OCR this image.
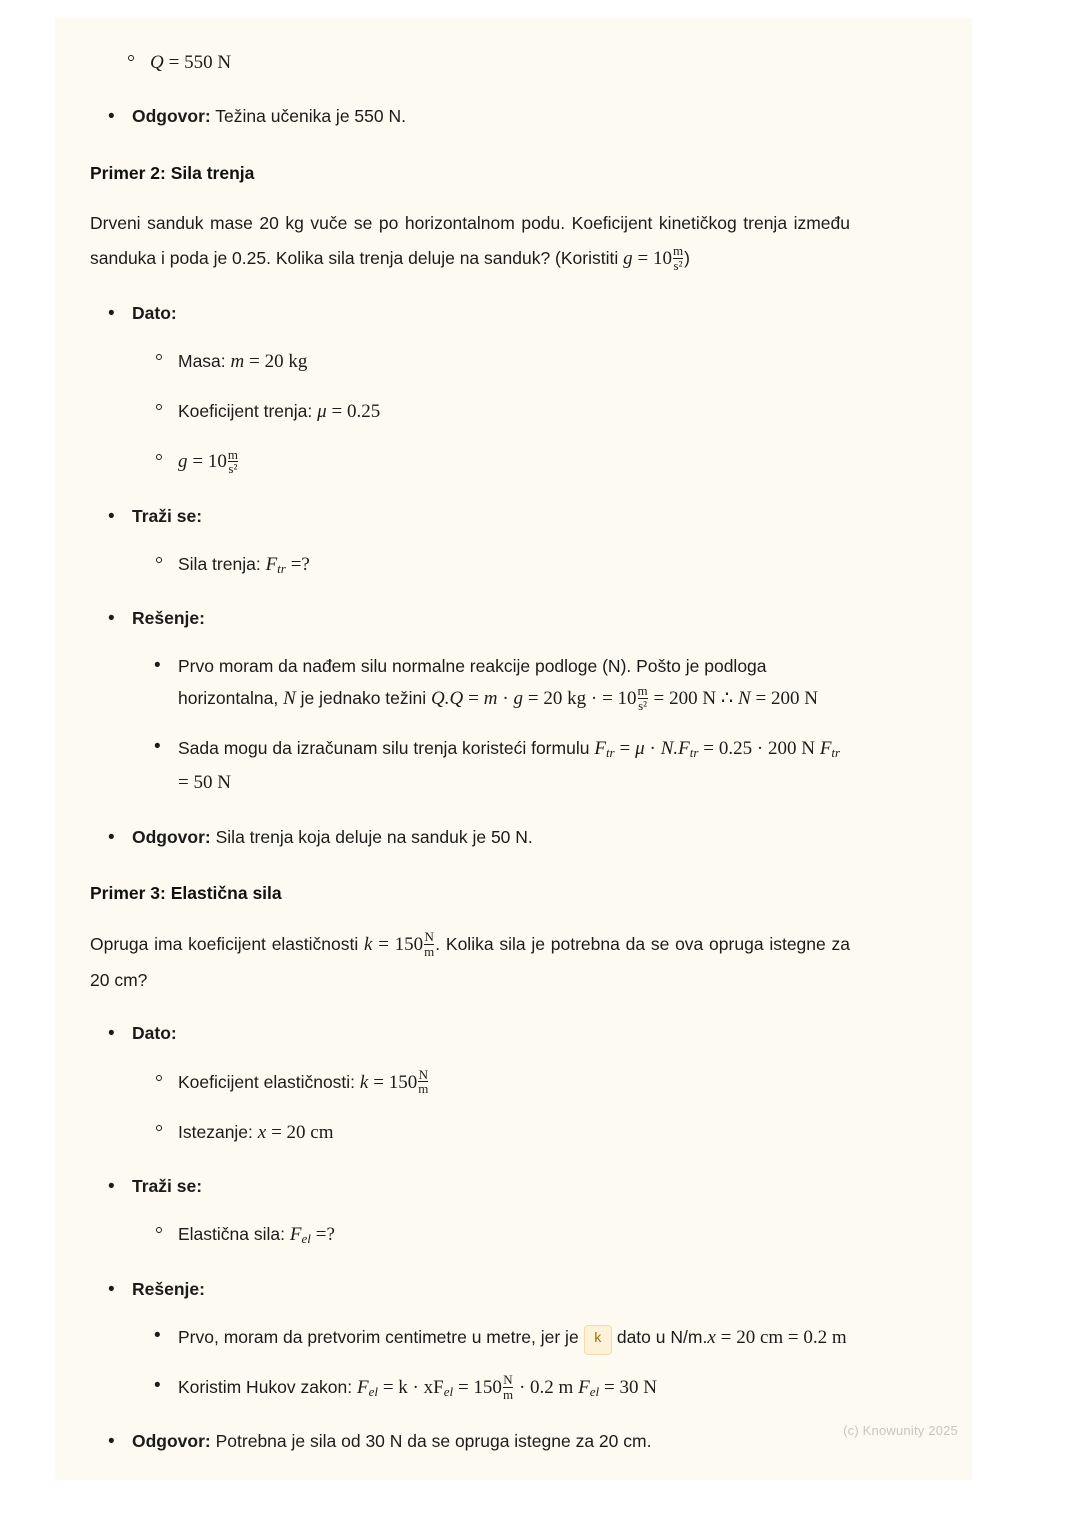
Q = 550 N
• Odgovor: Težina učenika je 550 N.

Primer 2: Sila trenja

Drveni sanduk mase 20 kg vuče se po horizontalnom podu. Koeficijent kinetičkog trenja između sanduka i poda je 0.25. Kolika sila trenja deluje na sanduk? (Koristiti $g = 10 \frac{m}{\text{s²}}$ )

• Dato:
Masa: m = 20 kg
Koeficijent trenja: μ = 0.25
$g = 10 \frac{m}{\text{s²}}$
• Traži se:
Sila trenja: $F_{tr}$ =?
• Rešenje:
• Prvo moram da nađem silu normalne reakcije podloge (N). Pošto je podloga horizontalna, N je jednako težini Q.Q = m · g = 20 kg · = $10 \frac{m}{\text{s²}} = 200$ N ∴ N = 200 N
• Sada mogu da izračunam silu trenja koristeći formulu $F_{tr} = \mu \cdot N.F_{tr} = 0.25 \cdot 200$ N $F_{tr} = 50$ N
• Odgovor: Sila trenja koja deluje na sanduk je 50 N.

Primer 3: Elastična sila

Opruga ima koeficijent elastičnosti $k = 150 \frac{N}{m}$ . Kolika sila je potrebna da se ova opruga istegne za 20 cm?

• Dato:
Koeficijent elastičnosti: $k = 150 \frac{N}{m}$
Istezanje: x = 20 cm
• Traži se:
Elastična sila: $F_{el}$ =?
• Rešenje:
• Prvo, moram da pretvorim centimetre u metre, jer je k dato u N/m.x = 20 cm = 0.2 m
• Koristim Hukov zakon: $F_{el} = k \cdot xF_{el} = 150 \frac{N}{m} \cdot 0.2$ m $F_{el} = 30$ N
• Odgovor: Potrebna je sila od 30 N da se opruga istegne za 20 cm.
(c) Knowunity 2025
